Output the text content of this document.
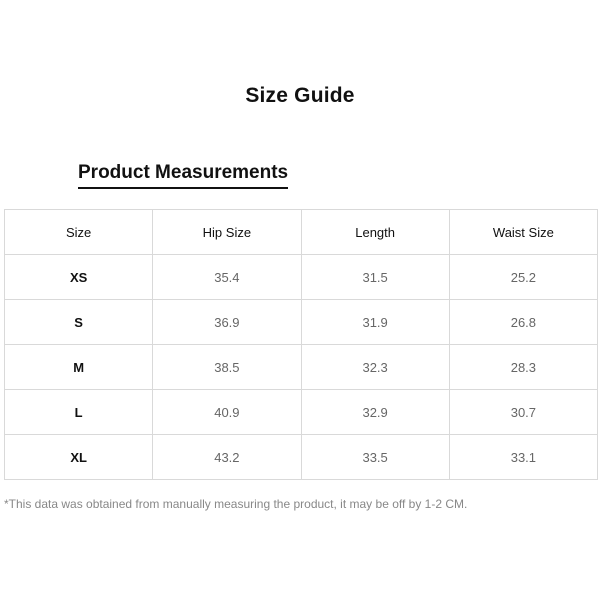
Size Guide
Product Measurements
Size	Hip Size	Length	Waist Size
XS	35.4	31.5	25.2
S	36.9	31.9	26.8
M	38.5	32.3	28.3
L	40.9	32.9	30.7
XL	43.2	33.5	33.1
*This data was obtained from manually measuring the product, it may be off by 1-2 CM.
